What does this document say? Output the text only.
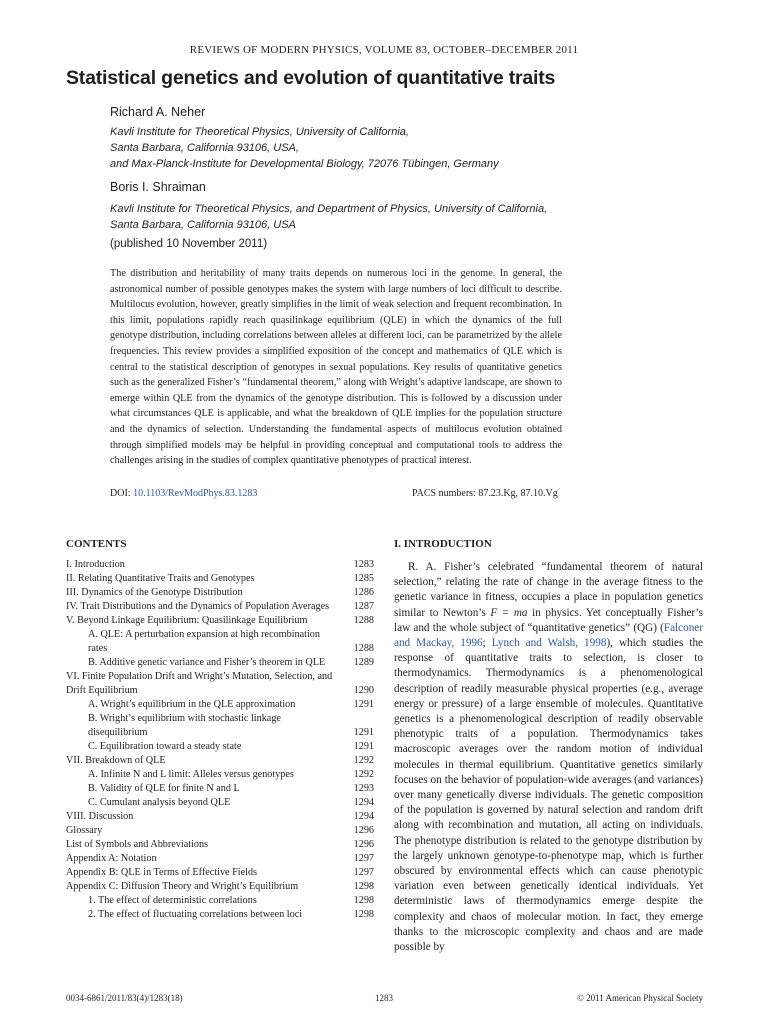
REVIEWS OF MODERN PHYSICS, VOLUME 83, OCTOBER–DECEMBER 2011
Statistical genetics and evolution of quantitative traits
Richard A. Neher
Kavli Institute for Theoretical Physics, University of California,
Santa Barbara, California 93106, USA,
and Max-Planck-Institute for Developmental Biology, 72076 Tübingen, Germany
Boris I. Shraiman
Kavli Institute for Theoretical Physics, and Department of Physics, University of California,
Santa Barbara, California 93106, USA
(published 10 November 2011)
The distribution and heritability of many traits depends on numerous loci in the genome. In general, the astronomical number of possible genotypes makes the system with large numbers of loci difficult to describe. Multilocus evolution, however, greatly simplifies in the limit of weak selection and frequent recombination. In this limit, populations rapidly reach quasilinkage equilibrium (QLE) in which the dynamics of the full genotype distribution, including correlations between alleles at different loci, can be parametrized by the allele frequencies. This review provides a simplified exposition of the concept and mathematics of QLE which is central to the statistical description of genotypes in sexual populations. Key results of quantitative genetics such as the generalized Fisher’s “fundamental theorem,” along with Wright’s adaptive landscape, are shown to emerge within QLE from the dynamics of the genotype distribution. This is followed by a discussion under what circumstances QLE is applicable, and what the breakdown of QLE implies for the population structure and the dynamics of selection. Understanding the fundamental aspects of multilocus evolution obtained through simplified models may be helpful in providing conceptual and computational tools to address the challenges arising in the studies of complex quantitative phenotypes of practical interest.
DOI: 10.1103/RevModPhys.83.1283	PACS numbers: 87.23.Kg, 87.10.Vg
CONTENTS
I. Introduction	1283
II. Relating Quantitative Traits and Genotypes	1285
III. Dynamics of the Genotype Distribution	1286
IV. Trait Distributions and the Dynamics of Population Averages	1287
V. Beyond Linkage Equilibrium: Quasilinkage Equilibrium	1288
A. QLE: A perturbation expansion at high recombination rates	1288
B. Additive genetic variance and Fisher’s theorem in QLE	1289
VI. Finite Population Drift and Wright’s Mutation, Selection, and Drift Equilibrium	1290
A. Wright’s equilibrium in the QLE approximation	1291
B. Wright’s equilibrium with stochastic linkage disequilibrium	1291
C. Equilibration toward a steady state	1291
VII. Breakdown of QLE	1292
A. Infinite N and L limit: Alleles versus genotypes	1292
B. Validity of QLE for finite N and L	1293
C. Cumulant analysis beyond QLE	1294
VIII. Discussion	1294
Glossary	1296
List of Symbols and Abbreviations	1296
Appendix A: Notation	1297
Appendix B: QLE in Terms of Effective Fields	1297
Appendix C: Diffusion Theory and Wright’s Equilibrium	1298
1. The effect of deterministic correlations	1298
2. The effect of fluctuating correlations between loci	1298
I. INTRODUCTION
R. A. Fisher’s celebrated “fundamental theorem of natural selection,” relating the rate of change in the average fitness to the genetic variance in fitness, occupies a place in population genetics similar to Newton’s F = ma in physics. Yet conceptually Fisher’s law and the whole subject of “quantitative genetics” (QG) (Falconer and Mackay, 1996; Lynch and Walsh, 1998), which studies the response of quantitative traits to selection, is closer to thermodynamics. Thermodynamics is a phenomenological description of readily measurable physical properties (e.g., average energy or pressure) of a large ensemble of molecules. Quantitative genetics is a phenomenological description of readily observable phenotypic traits of a population. Thermodynamics takes macroscopic averages over the random motion of individual molecules in thermal equilibrium. Quantitative genetics similarly focuses on the behavior of population-wide averages (and variances) over many genetically diverse individuals. The genetic composition of the population is governed by natural selection and random drift along with recombination and mutation, all acting on individuals. The phenotype distribution is related to the genotype distribution by the largely unknown genotype-to-phenotype map, which is further obscured by environmental effects which can cause phenotypic variation even between genetically identical individuals. Yet deterministic laws of thermodynamics emerge despite the complexity and chaos of molecular motion. In fact, they emerge thanks to the microscopic complexity and chaos and are made possible by
0034-6861/2011/83(4)/1283(18)	1283	© 2011 American Physical Society
